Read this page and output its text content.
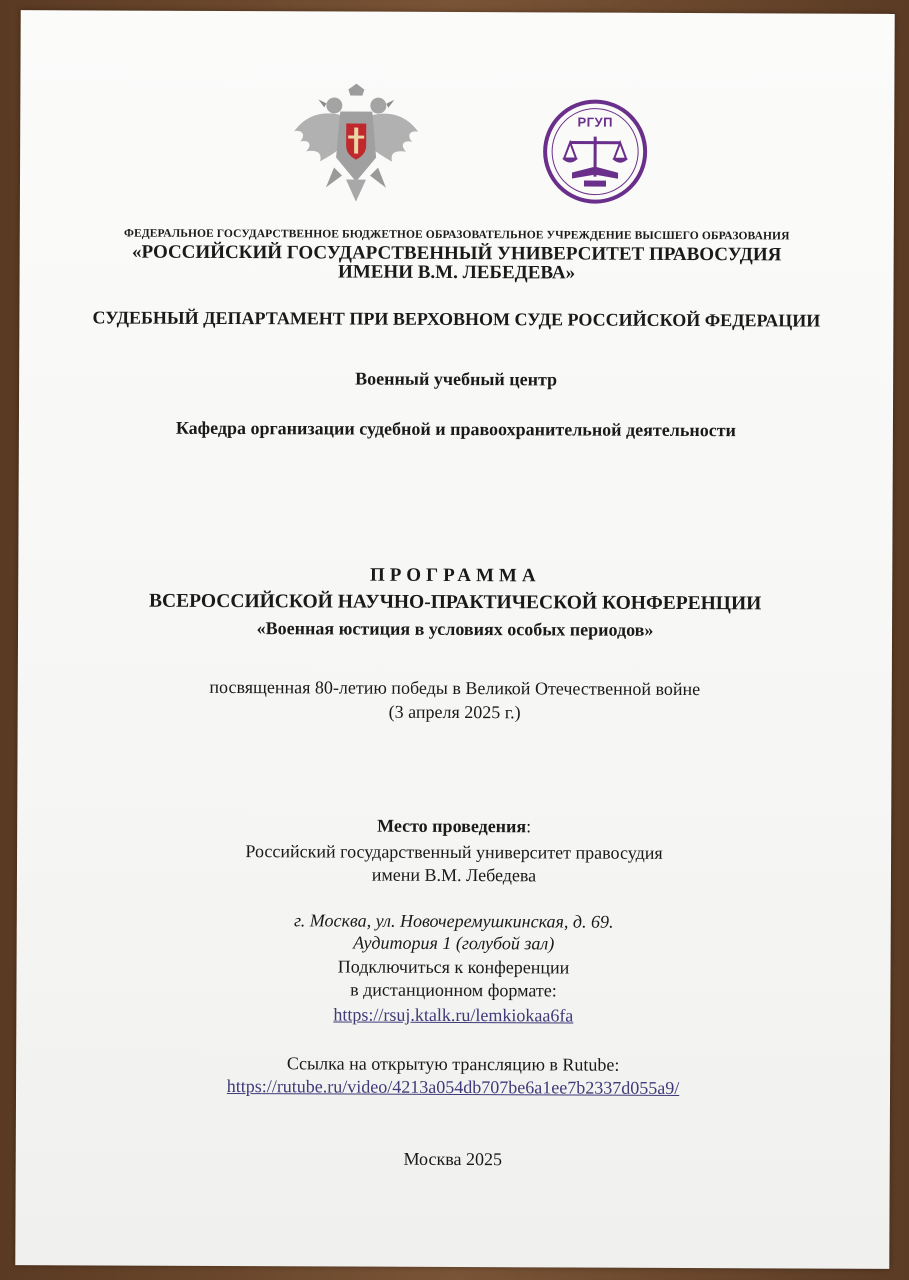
РГУП
ФЕДЕРАЛЬНОЕ ГОСУДАРСТВЕННОЕ БЮДЖЕТНОЕ ОБРАЗОВАТЕЛЬНОЕ УЧРЕЖДЕНИЕ ВЫСШЕГО ОБРАЗОВАНИЯ
«РОССИЙСКИЙ ГОСУДАРСТВЕННЫЙ УНИВЕРСИТЕТ ПРАВОСУДИЯ
ИМЕНИ В.М. ЛЕБЕДЕВА»
СУДЕБНЫЙ ДЕПАРТАМЕНТ ПРИ ВЕРХОВНОМ СУДЕ РОССИЙСКОЙ ФЕДЕРАЦИИ
Военный учебный центр
Кафедра организации судебной и правоохранительной деятельности
ПРОГРАММА
ВСЕРОССИЙСКОЙ НАУЧНО-ПРАКТИЧЕСКОЙ КОНФЕРЕНЦИИ
«Военная юстиция в условиях особых периодов»
посвященная 80-летию победы в Великой Отечественной войне
(3 апреля 2025 г.)
Место проведения:
Российский государственный университет правосудия
имени В.М. Лебедева
г. Москва, ул. Новочеремушкинская, д. 69.
Аудитория 1 (голубой зал)
Подключиться к конференции
в дистанционном формате:
https://rsuj.ktalk.ru/lemkiokaa6fa
Ссылка на открытую трансляцию в Rutube:
https://rutube.ru/video/4213a054db707be6a1ee7b2337d055a9/
Москва 2025
